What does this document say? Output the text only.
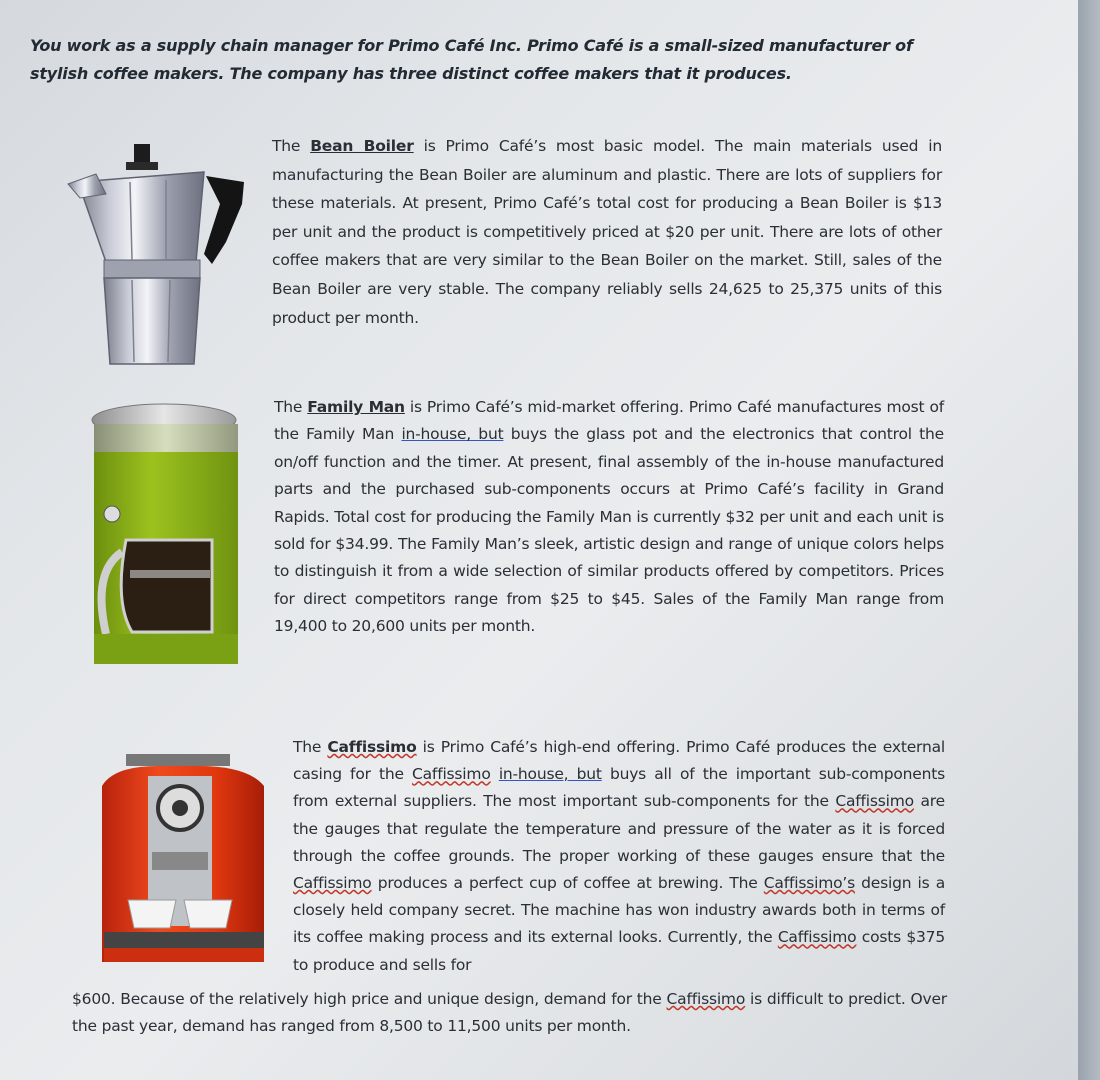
You work as a supply chain manager for Primo Café Inc. Primo Café is a small-sized manufacturer of stylish coffee makers. The company has three distinct coffee makers that it produces.
The Bean Boiler is Primo Café’s most basic model. The main materials used in manufacturing the Bean Boiler are aluminum and plastic. There are lots of suppliers for these materials. At present, Primo Café’s total cost for producing a Bean Boiler is $13 per unit and the product is competitively priced at $20 per unit. There are lots of other coffee makers that are very similar to the Bean Boiler on the market. Still, sales of the Bean Boiler are very stable. The company reliably sells 24,625 to 25,375 units of this product per month.
The Family Man is Primo Café’s mid-market offering. Primo Café manufactures most of the Family Man in-house, but buys the glass pot and the electronics that control the on/off function and the timer. At present, final assembly of the in-house manufactured parts and the purchased sub-components occurs at Primo Café’s facility in Grand Rapids. Total cost for producing the Family Man is currently $32 per unit and each unit is sold for $34.99. The Family Man’s sleek, artistic design and range of unique colors helps to distinguish it from a wide selection of similar products offered by competitors. Prices for direct competitors range from $25 to $45. Sales of the Family Man range from 19,400 to 20,600 units per month.
The Caffissimo is Primo Café’s high-end offering. Primo Café produces the external casing for the Caffissimo in-house, but buys all of the important sub-components from external suppliers. The most important sub-components for the Caffissimo are the gauges that regulate the temperature and pressure of the water as it is forced through the coffee grounds. The proper working of these gauges ensure that the Caffissimo produces a perfect cup of coffee at brewing. The Caffissimo’s design is a closely held company secret. The machine has won industry awards both in terms of its coffee making process and its external looks. Currently, the Caffissimo costs $375 to produce and sells for
$600. Because of the relatively high price and unique design, demand for the Caffissimo is difficult to predict. Over the past year, demand has ranged from 8,500 to 11,500 units per month.
